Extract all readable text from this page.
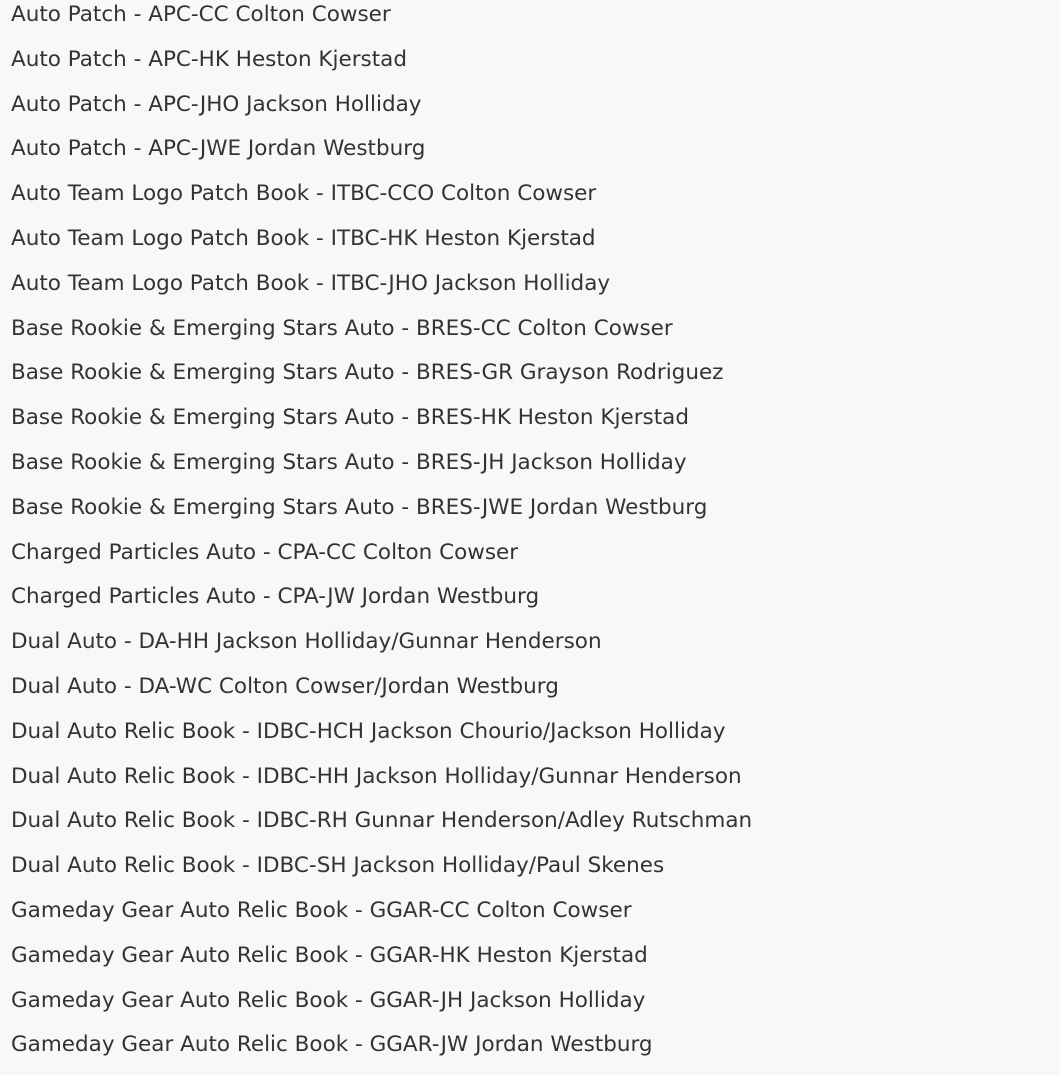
Auto Patch - APC-CC Colton Cowser
Auto Patch - APC-HK Heston Kjerstad
Auto Patch - APC-JHO Jackson Holliday
Auto Patch - APC-JWE Jordan Westburg
Auto Team Logo Patch Book - ITBC-CCO Colton Cowser
Auto Team Logo Patch Book - ITBC-HK Heston Kjerstad
Auto Team Logo Patch Book - ITBC-JHO Jackson Holliday
Base Rookie & Emerging Stars Auto - BRES-CC Colton Cowser
Base Rookie & Emerging Stars Auto - BRES-GR Grayson Rodriguez
Base Rookie & Emerging Stars Auto - BRES-HK Heston Kjerstad
Base Rookie & Emerging Stars Auto - BRES-JH Jackson Holliday
Base Rookie & Emerging Stars Auto - BRES-JWE Jordan Westburg
Charged Particles Auto - CPA-CC Colton Cowser
Charged Particles Auto - CPA-JW Jordan Westburg
Dual Auto - DA-HH Jackson Holliday/Gunnar Henderson
Dual Auto - DA-WC Colton Cowser/Jordan Westburg
Dual Auto Relic Book - IDBC-HCH Jackson Chourio/Jackson Holliday
Dual Auto Relic Book - IDBC-HH Jackson Holliday/Gunnar Henderson
Dual Auto Relic Book - IDBC-RH Gunnar Henderson/Adley Rutschman
Dual Auto Relic Book - IDBC-SH Jackson Holliday/Paul Skenes
Gameday Gear Auto Relic Book - GGAR-CC Colton Cowser
Gameday Gear Auto Relic Book - GGAR-HK Heston Kjerstad
Gameday Gear Auto Relic Book - GGAR-JH Jackson Holliday
Gameday Gear Auto Relic Book - GGAR-JW Jordan Westburg
